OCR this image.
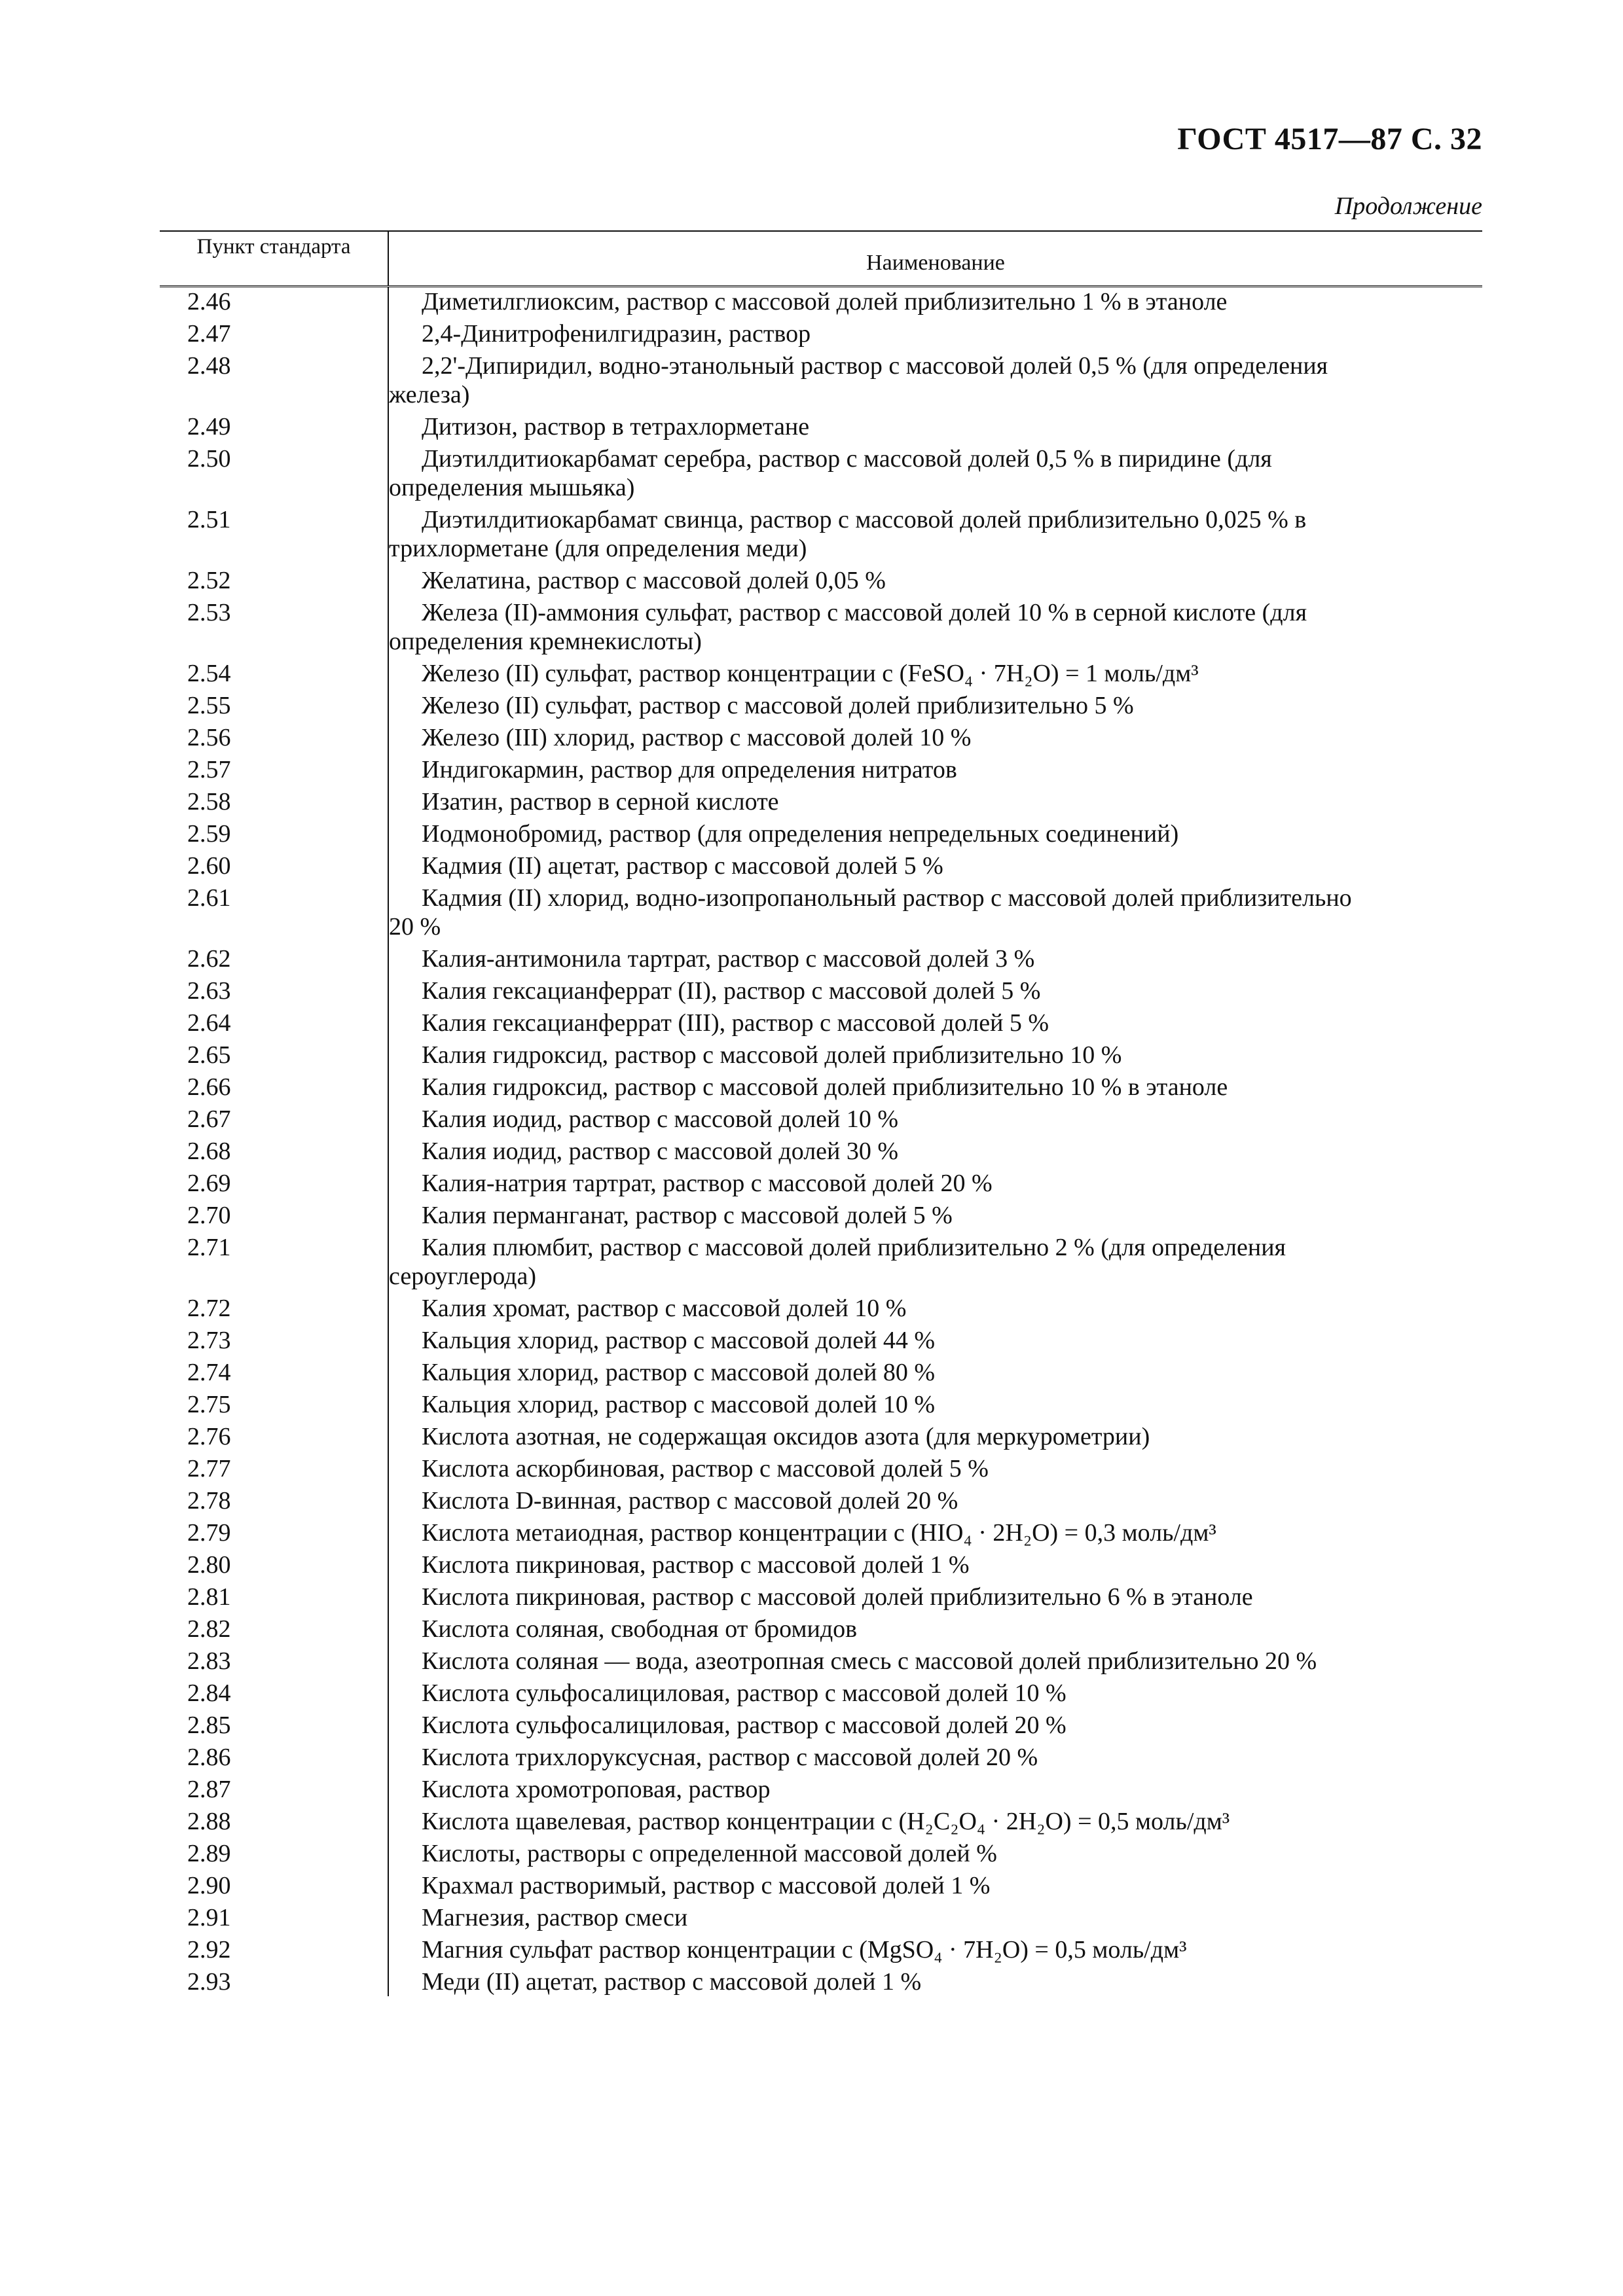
ГОСТ 4517—87 С. 32
Продолжение
Пункт стандарта
Наименование
2.46	Диметилглиоксим, раствор с массовой долей приблизительно 1 % в этаноле
2.47	2,4-Динитрофенилгидразин, раствор
2.48	2,2'-Дипиридил, водно-этанольный раствор с массовой долей 0,5 % (для определения
железа)
2.49	Дитизон, раствор в тетрахлорметане
2.50	Диэтилдитиокарбамат серебра, раствор с массовой долей 0,5 % в пиридине (для
определения мышьяка)
2.51	Диэтилдитиокарбамат свинца, раствор с массовой долей приблизительно 0,025 % в
трихлорметане (для определения меди)
2.52	Желатина, раствор с массовой долей 0,05 %
2.53	Железа (II)-аммония сульфат, раствор с массовой долей 10 % в серной кислоте (для
определения кремнекислоты)
2.54	Железо (II) сульфат, раствор концентрации c (FeSO₄ · 7H₂O) = 1 моль/дм³
2.55	Железо (II) сульфат, раствор с массовой долей приблизительно 5 %
2.56	Железо (III) хлорид, раствор с массовой долей 10 %
2.57	Индигокармин, раствор для определения нитратов
2.58	Изатин, раствор в серной кислоте
2.59	Иодмонобромид, раствор (для определения непредельных соединений)
2.60	Кадмия (II) ацетат, раствор с массовой долей 5 %
2.61	Кадмия (II) хлорид, водно-изопропанольный раствор с массовой долей приблизительно
20 %
2.62	Калия-антимонила тартрат, раствор с массовой долей 3 %
2.63	Калия гексацианферрат (II), раствор с массовой долей 5 %
2.64	Калия гексацианферрат (III), раствор с массовой долей 5 %
2.65	Калия гидроксид, раствор с массовой долей приблизительно 10 %
2.66	Калия гидроксид, раствор с массовой долей приблизительно 10 % в этаноле
2.67	Калия иодид, раствор с массовой долей 10 %
2.68	Калия иодид, раствор с массовой долей 30 %
2.69	Калия-натрия тартрат, раствор с массовой долей 20 %
2.70	Калия перманганат, раствор с массовой долей 5 %
2.71	Калия плюмбит, раствор с массовой долей приблизительно 2 % (для определения
сероуглерода)
2.72	Калия хромат, раствор с массовой долей 10 %
2.73	Кальция хлорид, раствор с массовой долей 44 %
2.74	Кальция хлорид, раствор с массовой долей 80 %
2.75	Кальция хлорид, раствор с массовой долей 10 %
2.76	Кислота азотная, не содержащая оксидов азота (для меркурометрии)
2.77	Кислота аскорбиновая, раствор с массовой долей 5 %
2.78	Кислота D-винная, раствор с массовой долей 20 %
2.79	Кислота метаиодная, раствор концентрации c (HIO₄ · 2H₂O) = 0,3 моль/дм³
2.80	Кислота пикриновая, раствор с массовой долей 1 %
2.81	Кислота пикриновая, раствор с массовой долей приблизительно 6 % в этаноле
2.82	Кислота соляная, свободная от бромидов
2.83	Кислота соляная — вода, азеотропная смесь с массовой долей приблизительно 20 %
2.84	Кислота сульфосалициловая, раствор с массовой долей 10 %
2.85	Кислота сульфосалициловая, раствор с массовой долей 20 %
2.86	Кислота трихлоруксусная, раствор с массовой долей 20 %
2.87	Кислота хромотроповая, раствор
2.88	Кислота щавелевая, раствор концентрации c (H₂C₂O₄ · 2H₂O) = 0,5 моль/дм³
2.89	Кислоты, растворы с определенной массовой долей %
2.90	Крахмал растворимый, раствор с массовой долей 1 %
2.91	Магнезия, раствор смеси
2.92	Магния сульфат раствор концентрации c (MgSO₄ · 7H₂O) = 0,5 моль/дм³
2.93	Меди (II) ацетат, раствор с массовой долей 1 %
